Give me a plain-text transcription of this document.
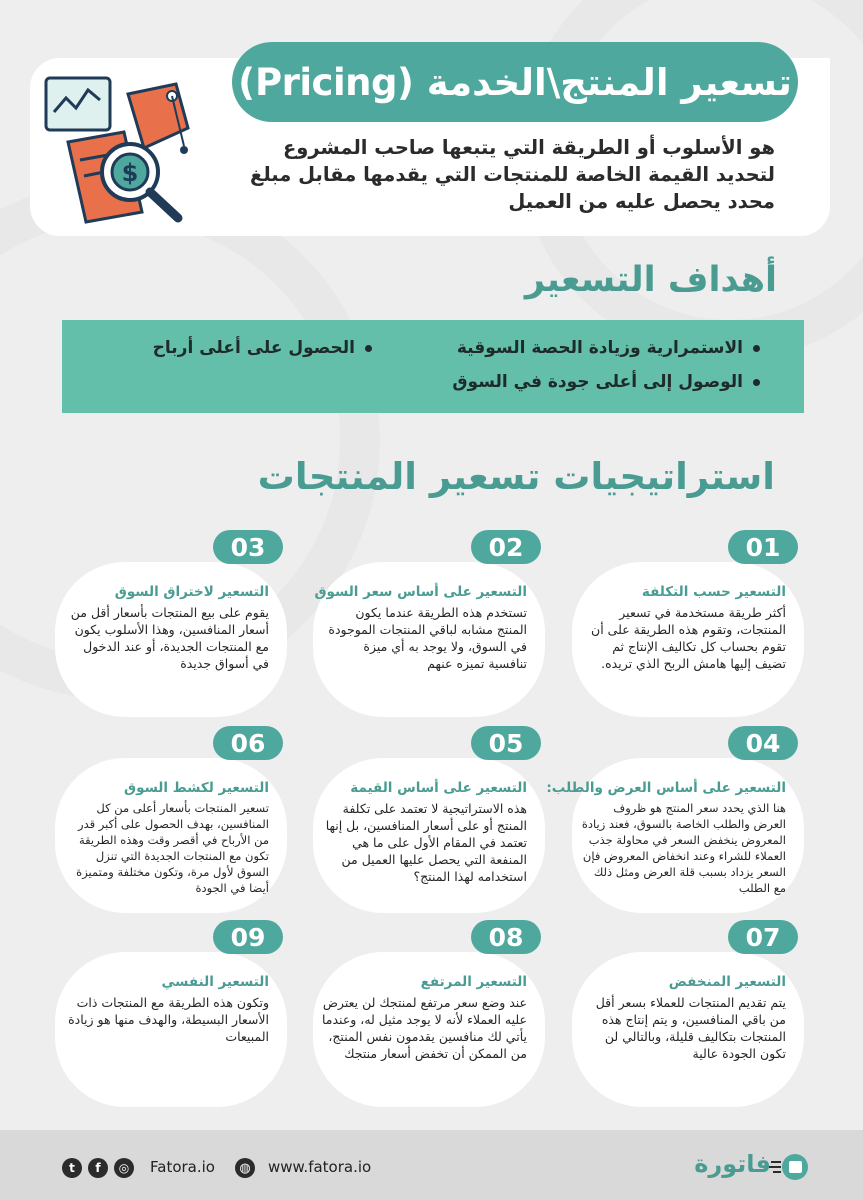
تسعير المنتج\الخدمة (Pricing)
هو الأسلوب أو الطريقة التي يتبعها صاحب المشروع لتحديد القيمة الخاصة للمنتجات التي يقدمها مقابل مبلغ محدد يحصل عليه من العميل
$
أهداف التسعير
الاستمرارية وزيادة الحصة السوقية
الوصول إلى أعلى جودة في السوق
الحصول على أعلى أرباح
استراتيجيات تسعير المنتجات
التسعير حسب التكلفة
أكثر طريقة مستخدمة في تسعير المنتجات، وتقوم هذه الطريقة على أن تقوم بحساب كل تكاليف الإنتاج ثم تضيف إليها هامش الربح الذي تريده.
01
التسعير على أساس سعر السوق
تستخدم هذه الطريقة عندما يكون المنتج مشابه لباقي المنتجات الموجودة في السوق، ولا يوجد به أي ميزة تنافسية تميزه عنهم
02
التسعير لاختراق السوق
يقوم على بيع المنتجات بأسعار أقل من أسعار المنافسين، وهذا الأسلوب يكون مع المنتجات الجديدة، أو عند الدخول في أسواق جديدة
03
التسعير على أساس العرض والطلب:
هنا الذي يحدد سعر المنتج هو ظروف العرض والطلب الخاصة بالسوق، فعند زيادة المعروض ينخفض السعر في محاولة جذب العملاء للشراء وعند انخفاض المعروض فإن السعر يزداد بسبب قلة العرض ومثل ذلك مع الطلب
04
التسعير على أساس القيمة
هذه الاستراتيجية لا تعتمد على تكلفة المنتج أو على أسعار المنافسين، بل إنها تعتمد في المقام الأول على ما هي المنفعة التي يحصل عليها العميل من استخدامه لهذا المنتج؟
05
التسعير لكشط السوق
تسعير المنتجات بأسعار أعلى من كل المنافسين، بهدف الحصول على أكبر قدر من الأرباح في أقصر وقت وهذه الطريقة تكون مع المنتجات الجديدة التي تنزل السوق لأول مرة، وتكون مختلفة ومتميزة أيضا في الجودة
06
التسعير المنخفض
يتم تقديم المنتجات للعملاء بسعر أقل من باقي المنافسين، و يتم إنتاج هذه المنتجات بتكاليف قليلة، وبالتالي لن تكون الجودة عالية
07
التسعير المرتفع
عند وضع سعر مرتفع لمنتجك لن يعترض عليه العملاء لأنه لا يوجد مثيل له، وعندما يأتي لك منافسين يقدمون نفس المنتج، من الممكن أن تخفض أسعار منتجك
08
التسعير النفسي
وتكون هذه الطريقة مع المنتجات ذات الأسعار البسيطة، والهدف منها هو زيادة المبيعات
09
t	f	◎	Fatora.io	◍ www.fatora.io	فاتورة
